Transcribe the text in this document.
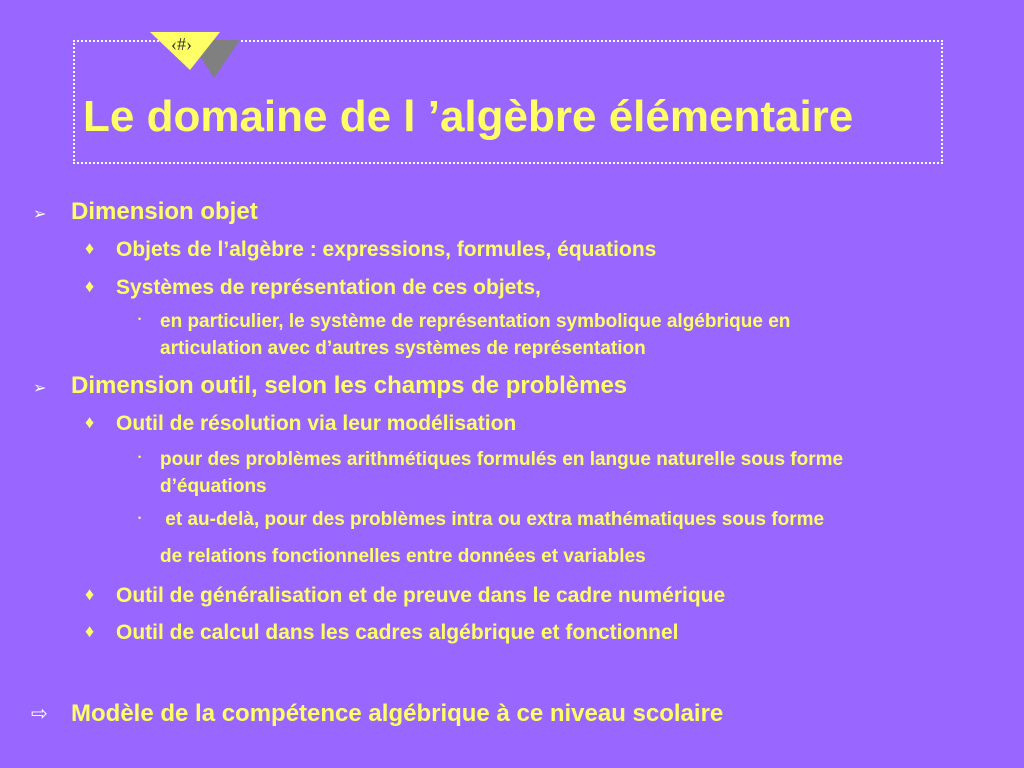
‹#›
Le domaine de l ’algèbre élémentaire
➢ Dimension objet
♦ Objets de l’algèbre : expressions, formules, équations
♦ Systèmes de représentation de ces objets,
• en particulier, le système de représentation symbolique algébrique en
articulation avec d’autres systèmes de représentation
➢ Dimension outil, selon les champs de problèmes
♦ Outil de résolution via leur modélisation
• pour des problèmes arithmétiques formulés en langue naturelle sous forme
d’équations
• et au-delà, pour des problèmes intra ou extra mathématiques sous forme
de relations fonctionnelles entre données et variables
♦ Outil de généralisation et de preuve dans le cadre numérique
♦ Outil de calcul dans les cadres algébrique et fonctionnel
⇨ Modèle de la compétence algébrique à ce niveau scolaire
